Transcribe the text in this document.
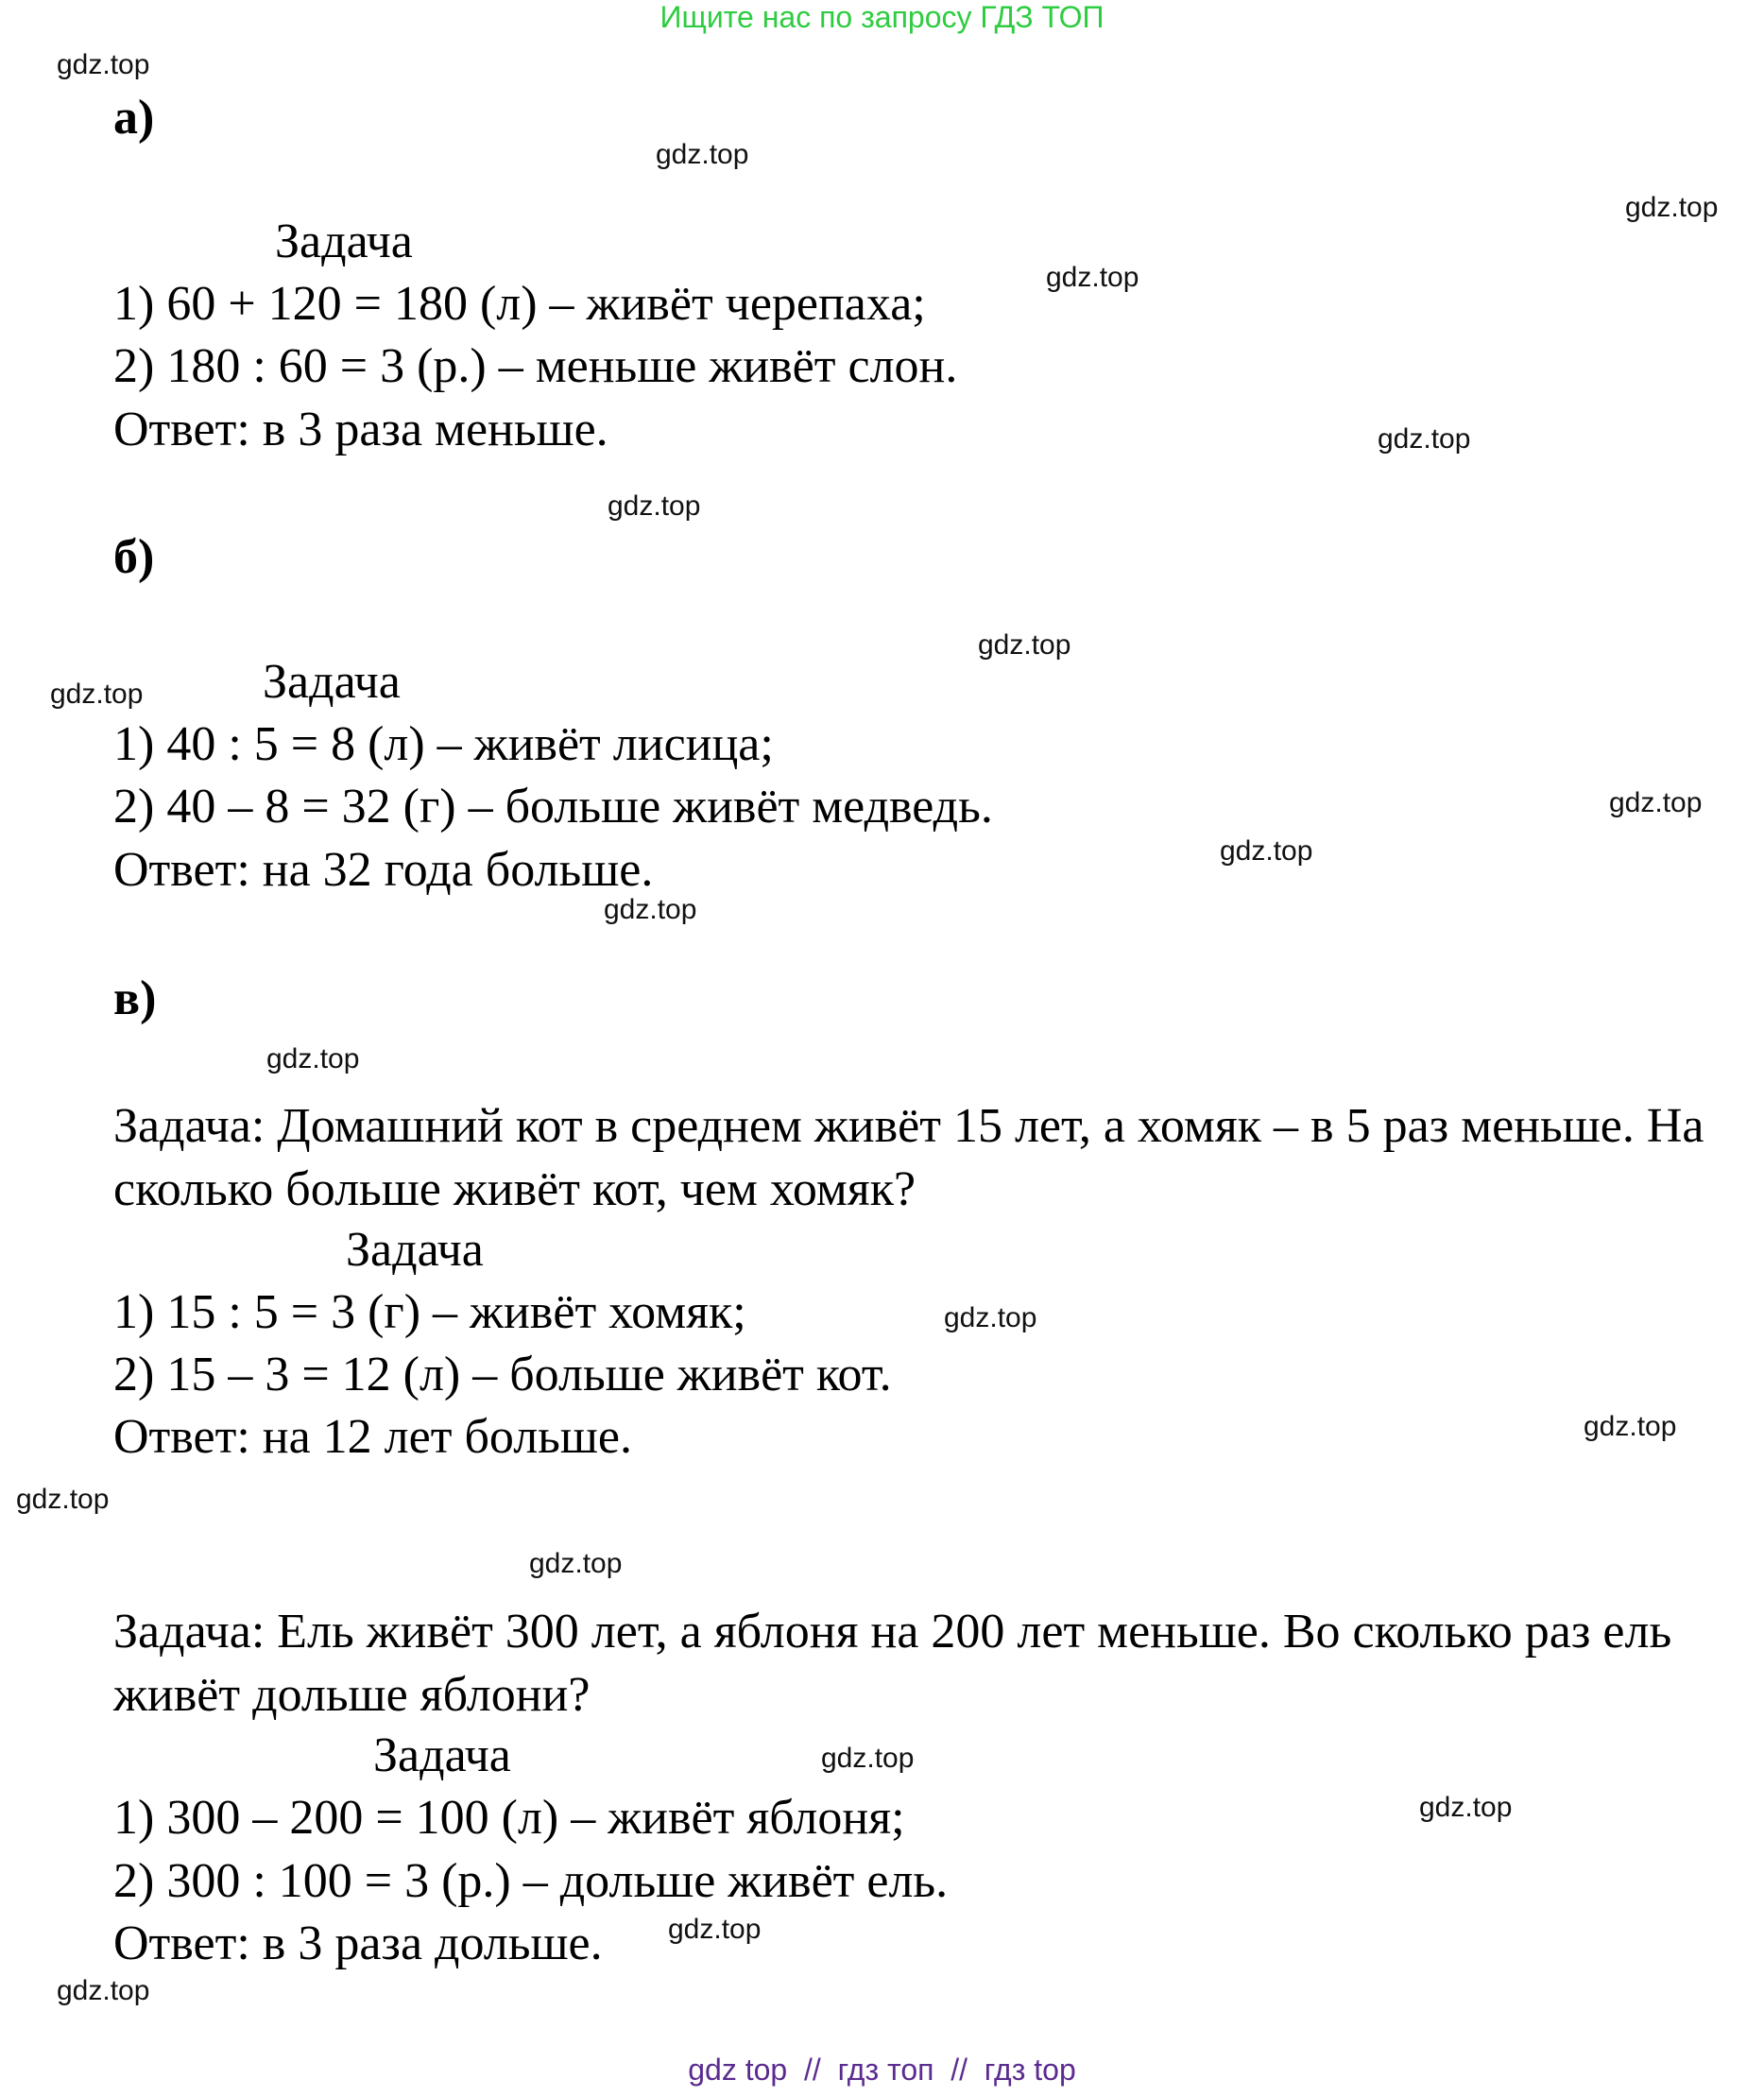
Ищите нас по запросу ГДЗ ТОП
gdz.top
gdz.top
gdz.top
gdz.top
gdz.top
gdz.top
gdz.top
gdz.top
gdz.top
gdz.top
gdz.top
gdz.top
gdz.top
gdz.top
gdz.top
gdz.top
gdz.top
gdz.top
gdz.top
gdz.top
а)
Задача
1) 60 + 120 = 180 (л) – живёт черепаха;
2) 180 : 60 = 3 (р.) – меньше живёт слон.
Ответ: в 3 раза меньше.
б)
Задача
1) 40 : 5 = 8 (л) – живёт лисица;
2) 40 – 8 = 32 (г) – больше живёт медведь.
Ответ: на 32 года больше.
в)
Задача: Домашний кот в среднем живёт 15 лет, а хомяк – в 5 раз меньше. На сколько больше живёт кот, чем хомяк?
Задача
1) 15 : 5 = 3 (г) – живёт хомяк;
2) 15 – 3 = 12 (л) – больше живёт кот.
Ответ: на 12 лет больше.
Задача: Ель живёт 300 лет, а яблоня на 200 лет меньше. Во сколько раз ель живёт дольше яблони?
Задача
1) 300 – 200 = 100 (л) – живёт яблоня;
2) 300 : 100 = 3 (р.) – дольше живёт ель.
Ответ: в 3 раза дольше.
gdz top  //  гдз топ  //  гдз top
